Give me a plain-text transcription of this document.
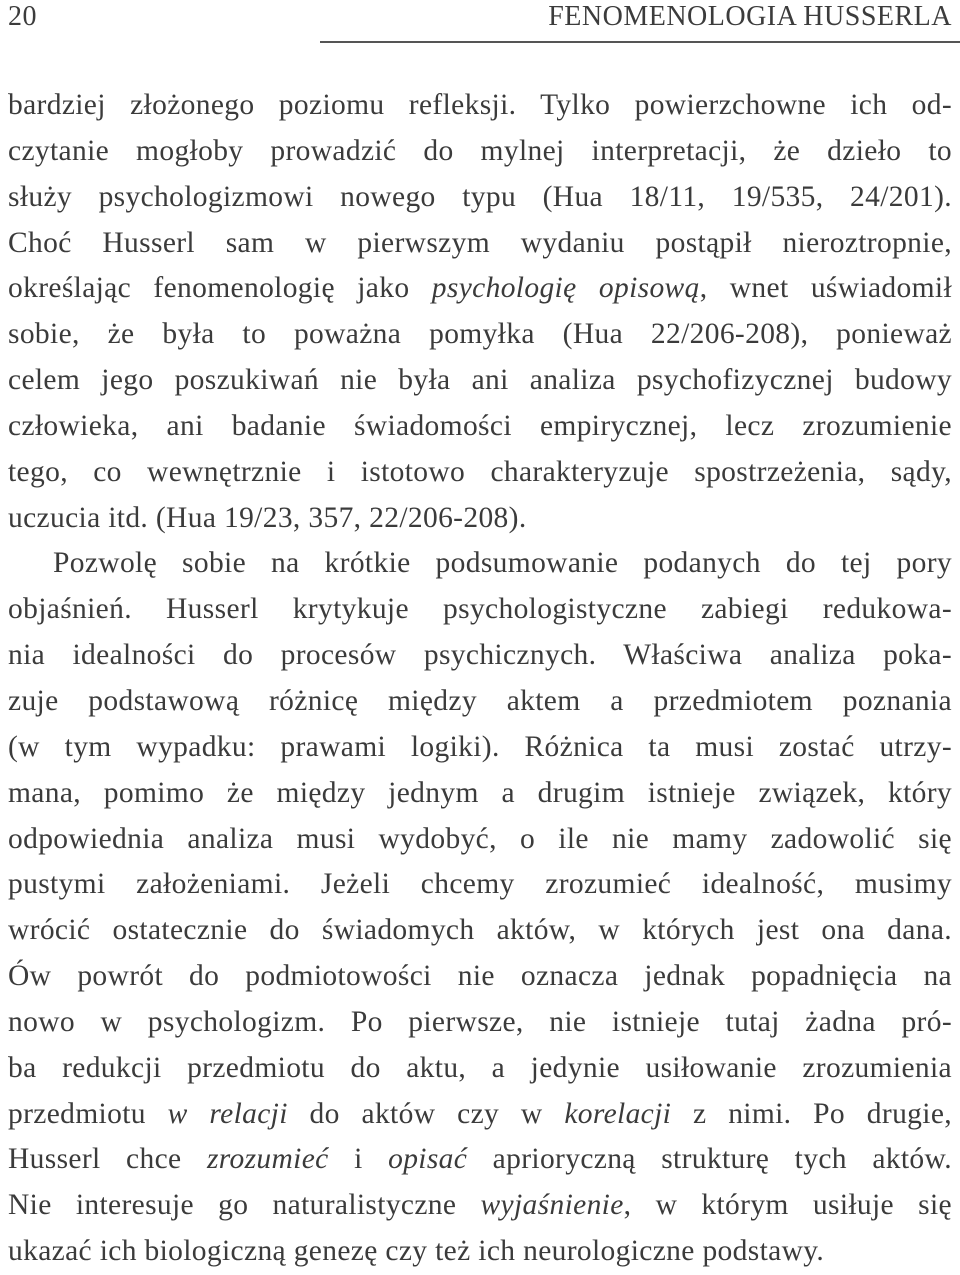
20	FENOMENOLOGIA HUSSERLA

bardziej złożonego poziomu refleksji. Tylko powierzchowne ich od-

czytanie mogłoby prowadzić do mylnej interpretacji, że dzieło to

służy psychologizmowi nowego typu (Hua 18/11, 19/535, 24/201).

Choć Husserl sam w pierwszym wydaniu postąpił nieroztropnie,

określając fenomenologię jako psychologię opisową, wnet uświadomił

sobie, że była to poważna pomyłka (Hua 22/206-208), ponieważ

celem jego poszukiwań nie była ani analiza psychofizycznej budowy

człowieka, ani badanie świadomości empirycznej, lecz zrozumienie

tego, co wewnętrznie i istotowo charakteryzuje spostrzeżenia, sądy,

uczucia itd. (Hua 19/23, 357, 22/206-208).

Pozwolę sobie na krótkie podsumowanie podanych do tej pory

objaśnień. Husserl krytykuje psychologistyczne zabiegi redukowa-

nia idealności do procesów psychicznych. Właściwa analiza poka-

zuje podstawową różnicę między aktem a przedmiotem poznania

(w tym wypadku: prawami logiki). Różnica ta musi zostać utrzy-

mana, pomimo że między jednym a drugim istnieje związek, który

odpowiednia analiza musi wydobyć, o ile nie mamy zadowolić się

pustymi założeniami. Jeżeli chcemy zrozumieć idealność, musimy

wrócić ostatecznie do świadomych aktów, w których jest ona dana.

Ów powrót do podmiotowości nie oznacza jednak popadnięcia na

nowo w psychologizm. Po pierwsze, nie istnieje tutaj żadna pró-

ba redukcji przedmiotu do aktu, a jedynie usiłowanie zrozumienia

przedmiotu w relacji do aktów czy w korelacji z nimi. Po drugie,

Husserl chce zrozumieć i opisać aprioryczną strukturę tych aktów.

Nie interesuje go naturalistyczne wyjaśnienie, w którym usiłuje się

ukazać ich biologiczną genezę czy też ich neurologiczne podstawy.
